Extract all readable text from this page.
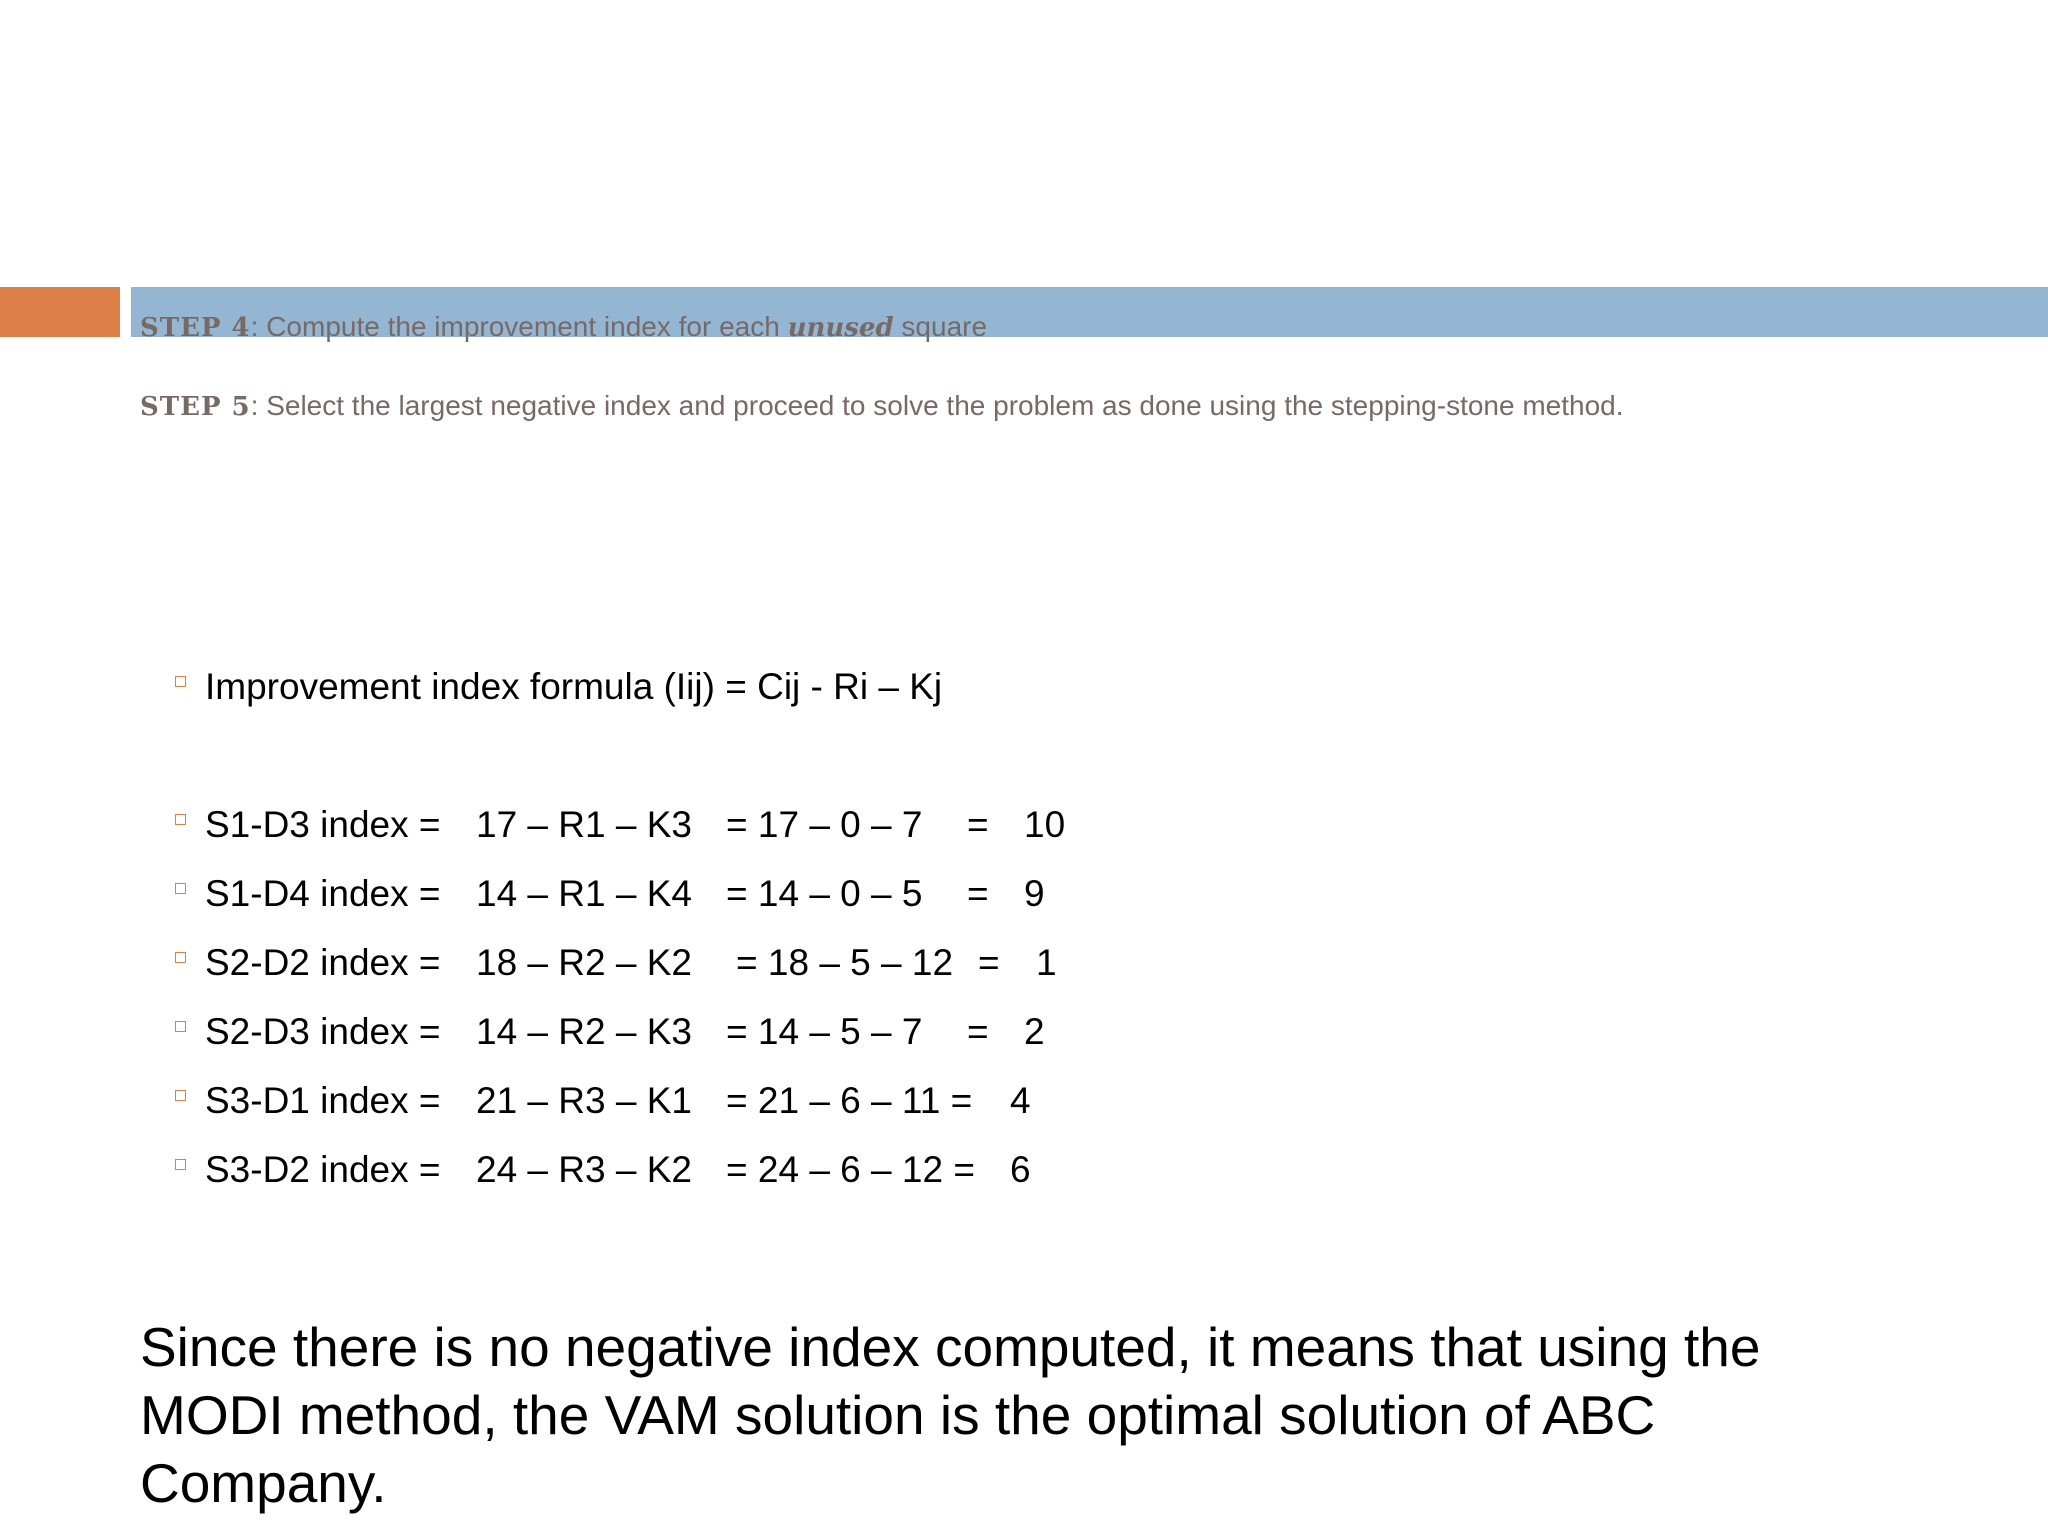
STEP 4: Compute the improvement index for each unused square
STEP 5: Select the largest negative index and proceed to solve the problem as done using the stepping-stone method.
Improvement index formula (Iij) = Cij - Ri – Kj
S1-D3 index = 17 – R1 – K3 = 17 – 0 – 7 = 10
S1-D4 index = 14 – R1 – K4 = 14 – 0 – 5 = 9
S2-D2 index = 18 – R2 – K2 = 18 – 5 – 12 = 1
S2-D3 index = 14 – R2 – K3 = 14 – 5 – 7 = 2
S3-D1 index = 21 – R3 – K1 = 21 – 6 – 11 = 4
S3-D2 index = 24 – R3 – K2 = 24 – 6 – 12 = 6

Since there is no negative index computed, it means that using the MODI method, the VAM solution is the optimal solution of ABC Company.
